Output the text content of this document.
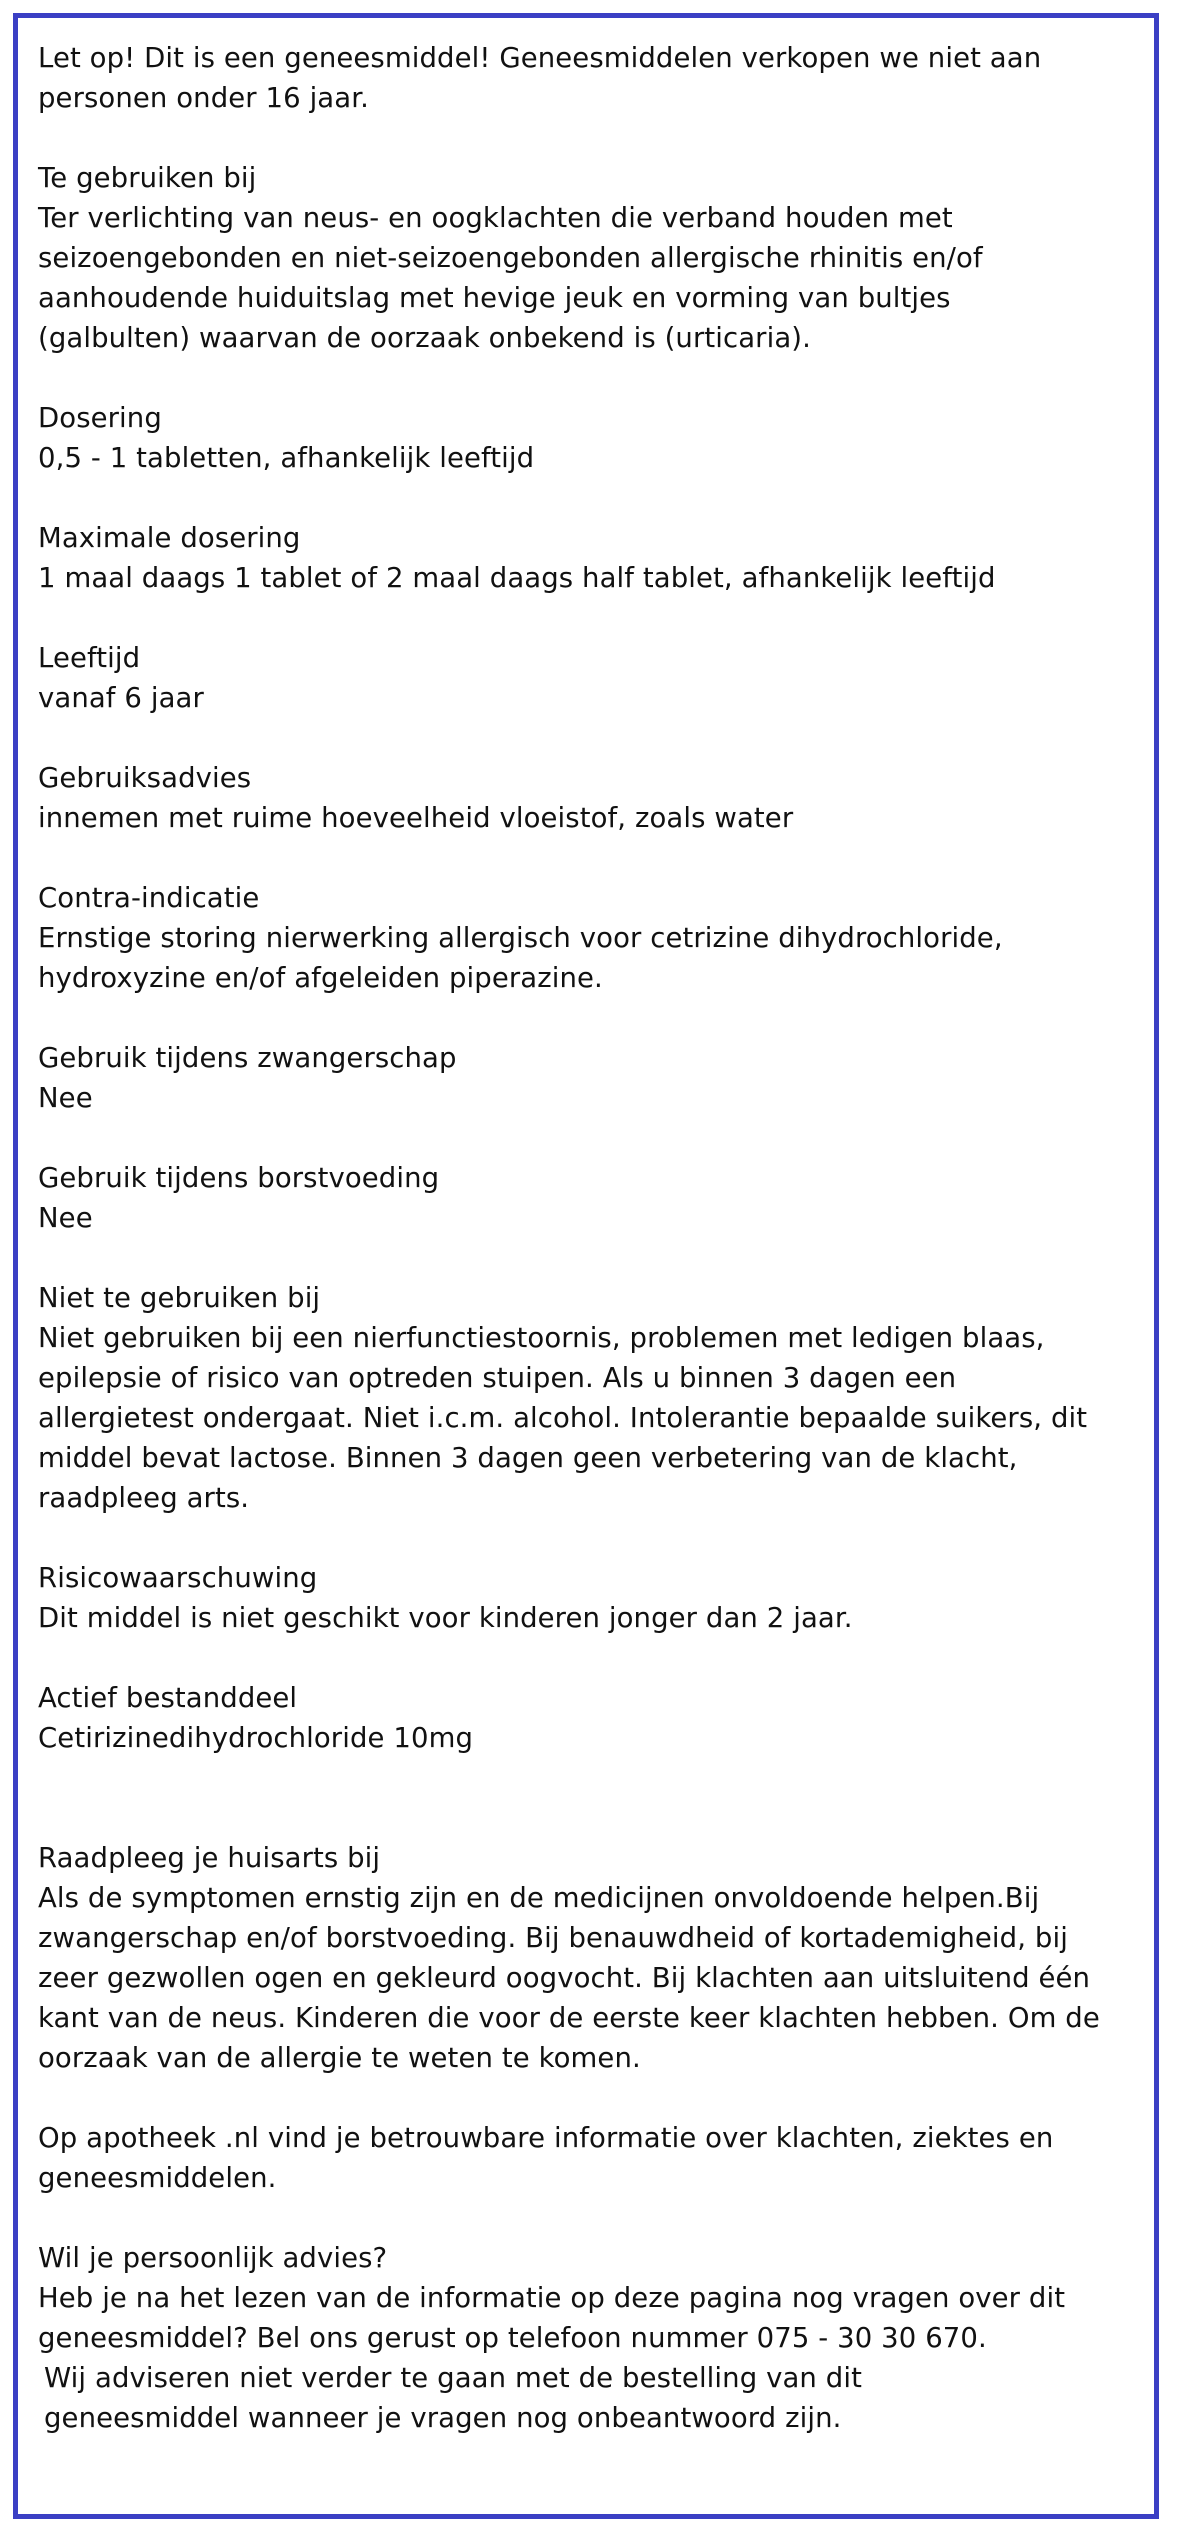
Let op! Dit is een geneesmiddel! Geneesmiddelen verkopen we niet aan
personen onder 16 jaar.

Te gebruiken bij

Ter verlichting van neus- en oogklachten die verband houden met
seizoengebonden en niet-seizoengebonden allergische rhinitis en/of
aanhoudende huiduitslag met hevige jeuk en vorming van bultjes
(galbulten) waarvan de oorzaak onbekend is (urticaria).

Dosering

0,5 - 1 tabletten, afhankelijk leeftijd

Maximale dosering

1 maal daags 1 tablet of 2 maal daags half tablet, afhankelijk leeftijd

Leeftijd

vanaf 6 jaar

Gebruiksadvies

innemen met ruime hoeveelheid vloeistof, zoals water

Contra-indicatie

Ernstige storing nierwerking allergisch voor cetrizine dihydrochloride,
hydroxyzine en/of afgeleiden piperazine.

Gebruik tijdens zwangerschap

Nee

Gebruik tijdens borstvoeding

Nee

Niet te gebruiken bij

Niet gebruiken bij een nierfunctiestoornis, problemen met ledigen blaas,
epilepsie of risico van optreden stuipen. Als u binnen 3 dagen een
allergietest ondergaat. Niet i.c.m. alcohol. Intolerantie bepaalde suikers, dit
middel bevat lactose. Binnen 3 dagen geen verbetering van de klacht,
raadpleeg arts.

Risicowaarschuwing

Dit middel is niet geschikt voor kinderen jonger dan 2 jaar.

Actief bestanddeel

Cetirizinedihydrochloride 10mg

Raadpleeg je huisarts bij

Als de symptomen ernstig zijn en de medicijnen onvoldoende helpen.Bij
zwangerschap en/of borstvoeding. Bij benauwdheid of kortademigheid, bij
zeer gezwollen ogen en gekleurd oogvocht. Bij klachten aan uitsluitend één
kant van de neus. Kinderen die voor de eerste keer klachten hebben. Om de
oorzaak van de allergie te weten te komen.

Op apotheek .nl vind je betrouwbare informatie over klachten, ziektes en
geneesmiddelen.

Wil je persoonlijk advies?

Heb je na het lezen van de informatie op deze pagina nog vragen over dit
geneesmiddel? Bel ons gerust op telefoon nummer 075 - 30 30 670.

Wij adviseren niet verder te gaan met de bestelling van dit
geneesmiddel wanneer je vragen nog onbeantwoord zijn.
